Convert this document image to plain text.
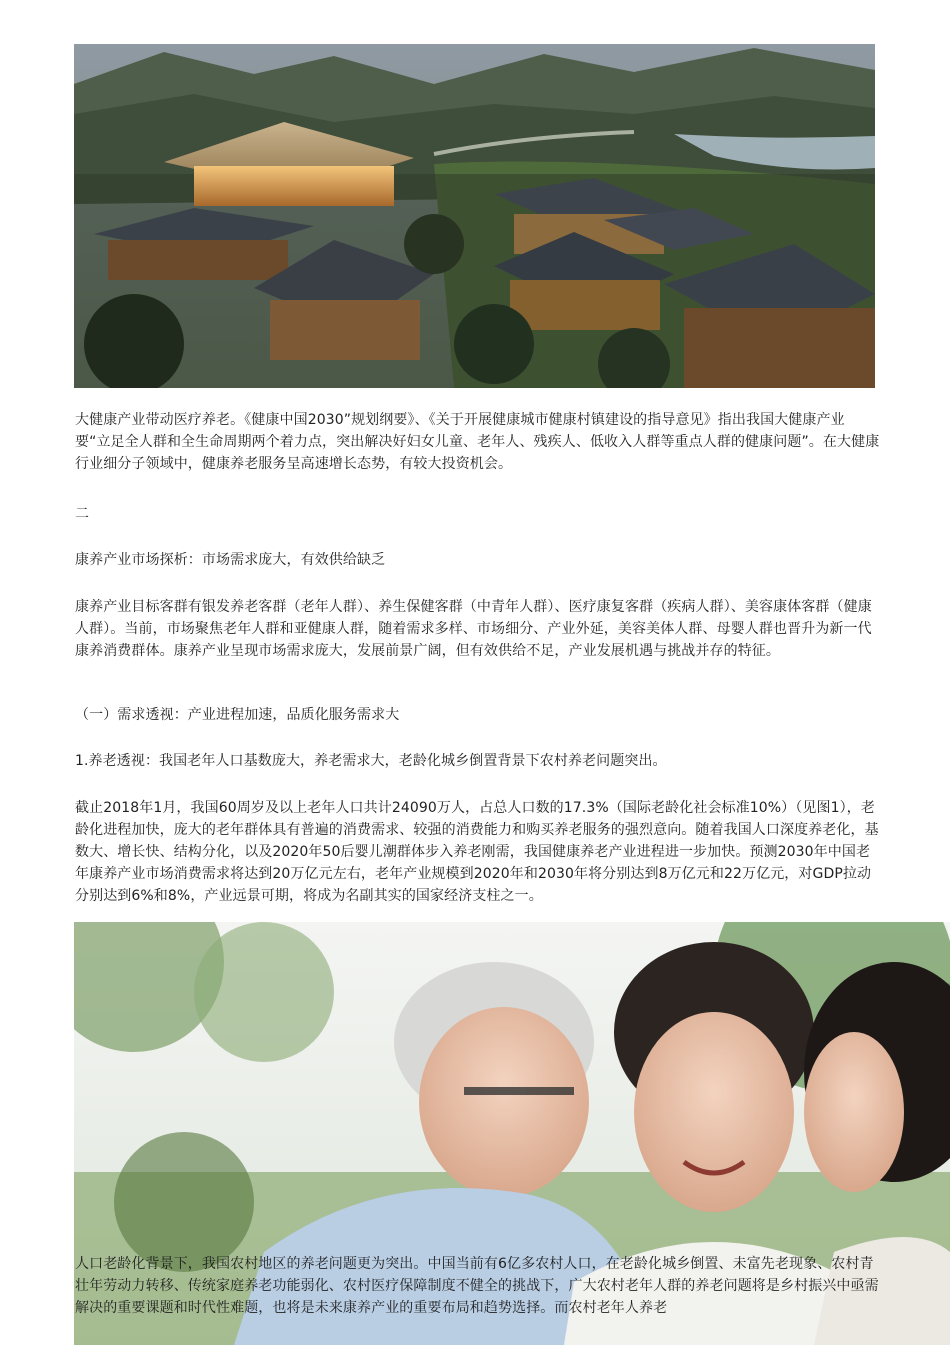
大健康产业带动医疗养老。《健康中国2030”规划纲要》、《关于开展健康城市健康村镇建设的指导意见》指出我国大健康产业要“立足全人群和全生命周期两个着力点，突出解决好妇女儿童、老年人、残疾人、低收入人群等重点人群的健康问题”。在大健康行业细分子领域中，健康养老服务呈高速增长态势，有较大投资机会。

二

康养产业市场探析：市场需求庞大，有效供给缺乏

康养产业目标客群有银发养老客群（老年人群）、养生保健客群（中青年人群）、医疗康复客群（疾病人群）、美容康体客群（健康人群）。当前，市场聚焦老年人群和亚健康人群，随着需求多样、市场细分、产业外延，美容美体人群、母婴人群也晋升为新一代康养消费群体。康养产业呈现市场需求庞大，发展前景广阔，但有效供给不足，产业发展机遇与挑战并存的特征。

（一）需求透视：产业进程加速，品质化服务需求大

1.养老透视：我国老年人口基数庞大，养老需求大，老龄化城乡倒置背景下农村养老问题突出。

截止2018年1月，我国60周岁及以上老年人口共计24090万人，占总人口数的17.3%（国际老龄化社会标准10%）（见图1），老龄化进程加快，庞大的老年群体具有普遍的消费需求、较强的消费能力和购买养老服务的强烈意向。随着我国人口深度养老化，基数大、增长快、结构分化，以及2020年50后婴儿潮群体步入养老刚需，我国健康养老产业进程进一步加快。预测2030年中国老年康养产业市场消费需求将达到20万亿元左右，老年产业规模到2020年和2030年将分别达到8万亿元和22万亿元，对GDP拉动分别达到6%和8%，产业远景可期，将成为名副其实的国家经济支柱之一。

人口老龄化背景下，我国农村地区的养老问题更为突出。中国当前有6亿多农村人口，在老龄化城乡倒置、未富先老现象、农村青壮年劳动力转移、传统家庭养老功能弱化、农村医疗保障制度不健全的挑战下，广大农村老年人群的养老问题将是乡村振兴中亟需解决的重要课题和时代性难题，也将是未来康养产业的重要布局和趋势选择。而农村老年人养老
